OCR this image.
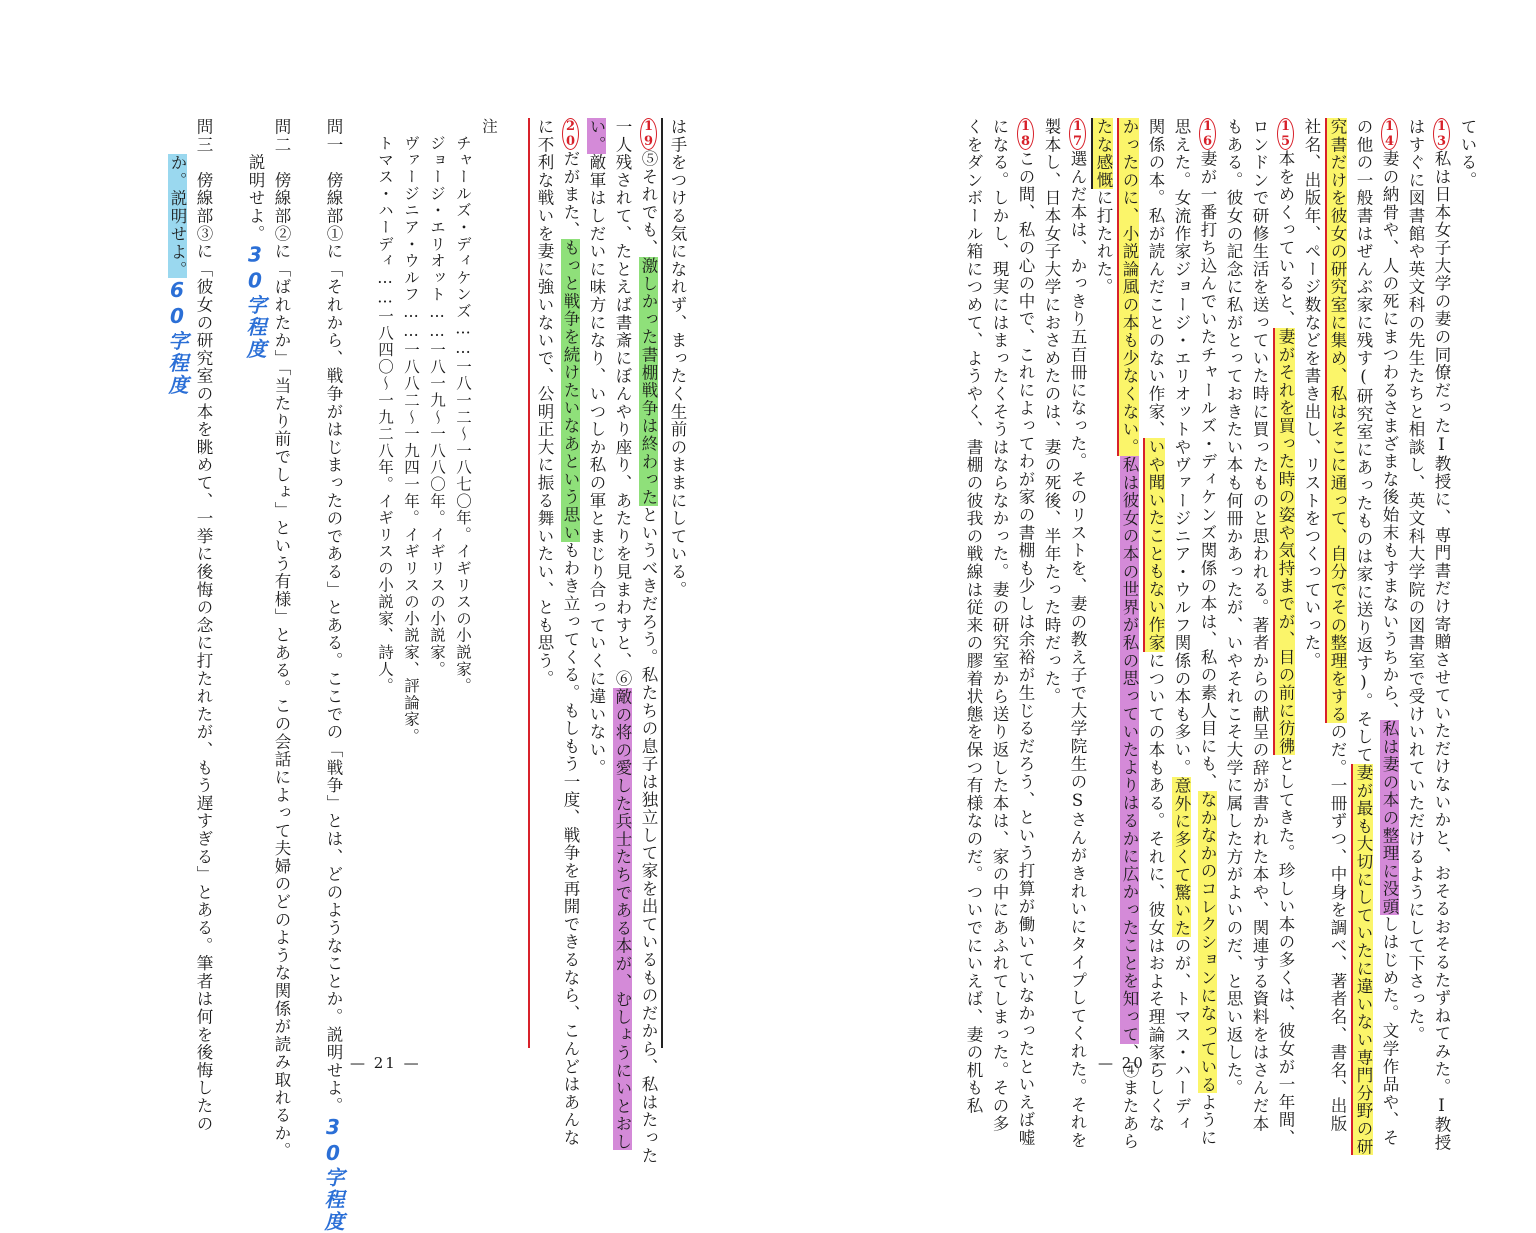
ている。
13私は日本女子大学の妻の同僚だったI教授に、専門書だけ寄贈させていただけないかと、おそるおそるたずねてみた。I教授
はすぐに図書館や英文科の先生たちと相談し、英文科大学院の図書室で受けいれていただけるようにして下さった。
14妻の納骨や、人の死にまつわるさまざまな後始末もすまないうちから、私は妻の本の整理に没頭しはじめた。文学作品や、そ
の他の一般書はぜんぶ家に残す(研究室にあったものは家に送り返す)。そして妻が最も大切にしていたに違いない専門分野の研
究書だけを彼女の研究室に集め、私はそこに通って、自分でその整理をするのだ。一冊ずつ、中身を調べ、著者名、書名、出版
社名、出版年、ページ数などを書き出し、リストをつくっていった。
15本をめくっていると、妻がそれを買った時の姿や気持までが、目の前に彷彿としてきた。珍しい本の多くは、彼女が一年間、
ロンドンで研修生活を送っていた時に買ったものと思われる。著者からの献呈の辞が書かれた本や、関連する資料をはさんだ本
もある。彼女の記念に私がとっておきたい本も何冊かあったが、いやそれこそ大学に属した方がよいのだ、と思い返した。
16妻が一番打ち込んでいたチャールズ・ディケンズ関係の本は、私の素人目にも、なかなかのコレクションになっているように
思えた。女流作家ジョージ・エリオットやヴァージニア・ウルフ関係の本も多い。意外に多くて驚いたのが、トマス・ハーディ
関係の本。私が読んだことのない作家、いや聞いたこともない作家についての本もある。それに、彼女はおよそ理論家らしくな
かったのに、小説論風の本も少なくない。私は彼女の本の世界が私の思っていたよりはるかに広かったことを知って、④またあら
たな感慨に打たれた。
17選んだ本は、かっきり五百冊になった。そのリストを、妻の教え子で大学院生のSさんがきれいにタイプしてくれた。それを
製本し、日本女子大学におさめたのは、妻の死後、半年たった時だった。
18この間、私の心の中で、これによってわが家の書棚も少しは余裕が生じるだろう、という打算が働いていなかったといえば嘘
になる。しかし、現実にはまったくそうはならなかった。妻の研究室から送り返した本は、家の中にあふれてしまった。その多
くをダンボール箱につめて、ようやく、書棚の彼我の戦線は従来の膠着状態を保つ有様なのだ。ついでにいえば、妻の机も私	— 20 —
は手をつける気になれず、まったく生前のままにしている。
19⑤それでも、激しかった書棚戦争は終わったというべきだろう。私たちの息子は独立して家を出ているものだから、私はたった
一人残されて、たとえば書斎にぼんやり座り、あたりを見まわすと、⑥敵の将の愛した兵士たちである本が、むしょうにいとおし
い。敵軍はしだいに味方になり、いつしか私の軍とまじり合っていくに違いない。
20だがまた、もっと戦争を続けたいなあという思いもわき立ってくる。もしもう一度、戦争を再開できるなら、こんどはあんな
に不利な戦いを妻に強いないで、公明正大に振る舞いたい、とも思う。

注
　チャールズ・ディケンズ……一八一二〜一八七〇年。イギリスの小説家。
　ジョージ・エリオット……一八一九〜一八八〇年。イギリスの小説家。
　ヴァージニア・ウルフ……一八八二〜一九四一年。イギリスの小説家、評論家。
　トマス・ハーディ……一八四〇〜一九二八年。イギリスの小説家、詩人。

問一　傍線部①に「それから、戦争がはじまったのである」とある。ここでの「戦争」とは、どのようなことか。説明せよ。30字程度

問二　傍線部②に「ばれたか」「当たり前でしょ」という有様」とある。この会話によって夫婦のどのような関係が読み取れるか。
　　説明せよ。30字程度

問三　傍線部③に「彼女の研究室の本を眺めて、一挙に後悔の念に打たれたが、もう遅すぎる」とある。筆者は何を後悔したの
　　か。説明せよ。60字程度
— 21 —
